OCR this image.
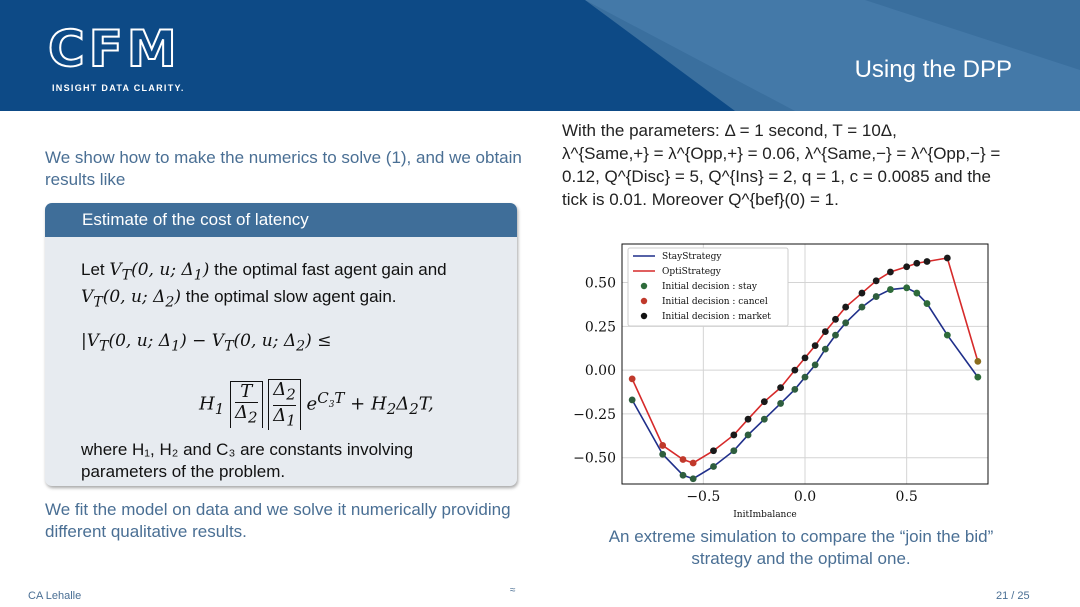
CFM
INSIGHT DATA CLARITY.
Using the DPP
We show how to make the numerics to solve (1), and we obtain results like
Estimate of the cost of latency
Let $V_T(0$, u; $\Delta_1$) the optimal fast agent gain and
$V_T(0$, u; $\Delta_2$) the optimal slow agent gain.
$|V_T(0$, u; $\Delta_1) - V_T(0$, u; $\Delta_2$) ≤
$H_1 \frac{T}{\Delta_2} \frac{\Delta_2}{\Delta_1} e^{C_3T} + H_2\Delta_2T$,
where H₁, H₂ and C₃ are constants involving parameters of the problem.
We fit the model on data and we solve it numerically providing different qualitative results.
With the parameters: Δ = 1 second, T = 10Δ,
λ^{Same,+} = λ^{Opp,+} = 0.06, λ^{Same,−} = λ^{Opp,−} =
0.12, Q^{Disc} = 5, Q^{Ins} = 2, q = 1, c = 0.0085 and the
tick is 0.01. Moreover Q^{bef}(0) = 1.
−0.5	0.0	0.5
0.50
0.25
0.00
−0.25
−0.50
InitImbalance
StayStrategy
OptiStrategy
Initial decision : stay
Initial decision : cancel
Initial decision : market
An extreme simulation to compare the “join the bid” strategy and the optimal one.
CA Lehalle	≈	21 / 25
